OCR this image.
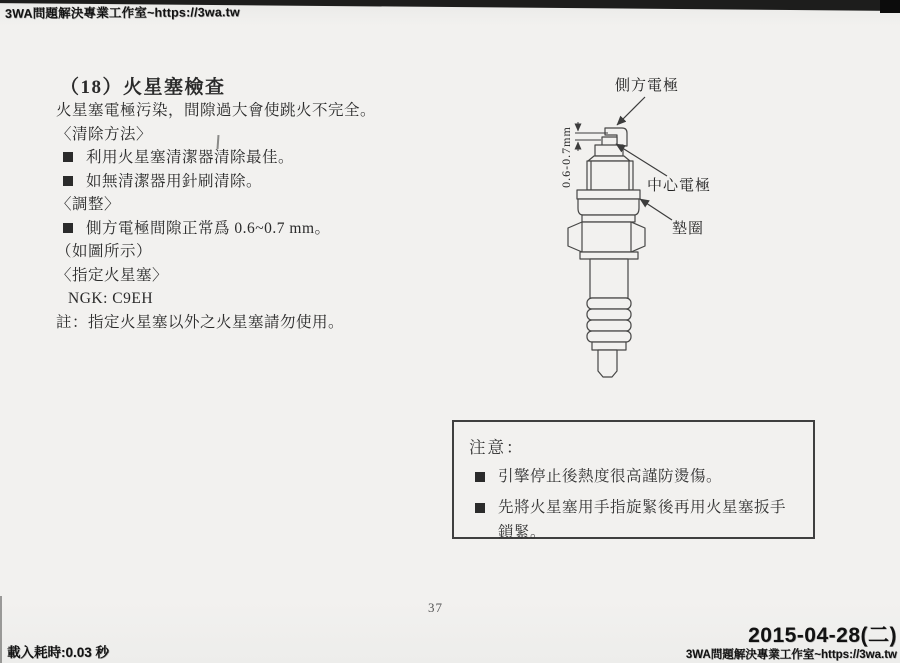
3WA問題解決專業工作室~https://3wa.tw
（18）火星塞檢查
火星塞電極污染，間隙過大會使跳火不完全。
〈清除方法〉
利用火星塞清潔器清除最佳。
如無清潔器用針刷清除。
〈調整〉
側方電極間隙正常爲 0.6~0.7 mm。
（如圖所示）
〈指定火星塞〉
NGK: C9EH
註：指定火星塞以外之火星塞請勿使用。
0.6-0.7mm
側方電極
中心電極
墊圈
注意：
引擎停止後熱度很高謹防燙傷。
先將火星塞用手指旋緊後再用火星塞扳手鎖緊。
37
2015-04-28(二)
3WA問題解決專業工作室~https://3wa.tw
載入耗時:0.03 秒
